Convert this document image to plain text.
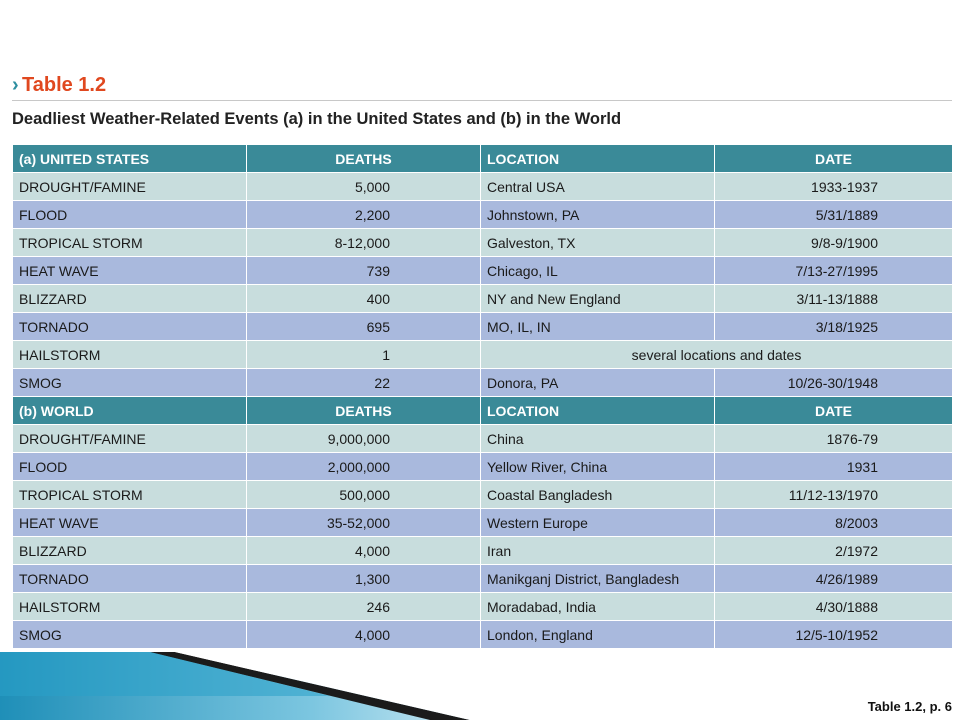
› Table 1.2
Deadliest Weather-Related Events (a) in the United States and (b) in the World
(a) UNITED STATES	DEATHS	LOCATION	DATE
DROUGHT/FAMINE	5,000	Central USA	1933-1937
FLOOD	2,200	Johnstown, PA	5/31/1889
TROPICAL STORM	8-12,000	Galveston, TX	9/8-9/1900
HEAT WAVE	739	Chicago, IL	7/13-27/1995
BLIZZARD	400	NY and New England	3/11-13/1888
TORNADO	695	MO, IL, IN	3/18/1925
HAILSTORM	1	several locations and dates	
SMOG	22	Donora, PA	10/26-30/1948
(b) WORLD	DEATHS	LOCATION	DATE
DROUGHT/FAMINE	9,000,000	China	1876-79
FLOOD	2,000,000	Yellow River, China	1931
TROPICAL STORM	500,000	Coastal Bangladesh	11/12-13/1970
HEAT WAVE	35-52,000	Western Europe	8/2003
BLIZZARD	4,000	Iran	2/1972
TORNADO	1,300	Manikganj District, Bangladesh	4/26/1989
HAILSTORM	246	Moradabad, India	4/30/1888
SMOG	4,000	London, England	12/5-10/1952
Table 1.2, p. 6
